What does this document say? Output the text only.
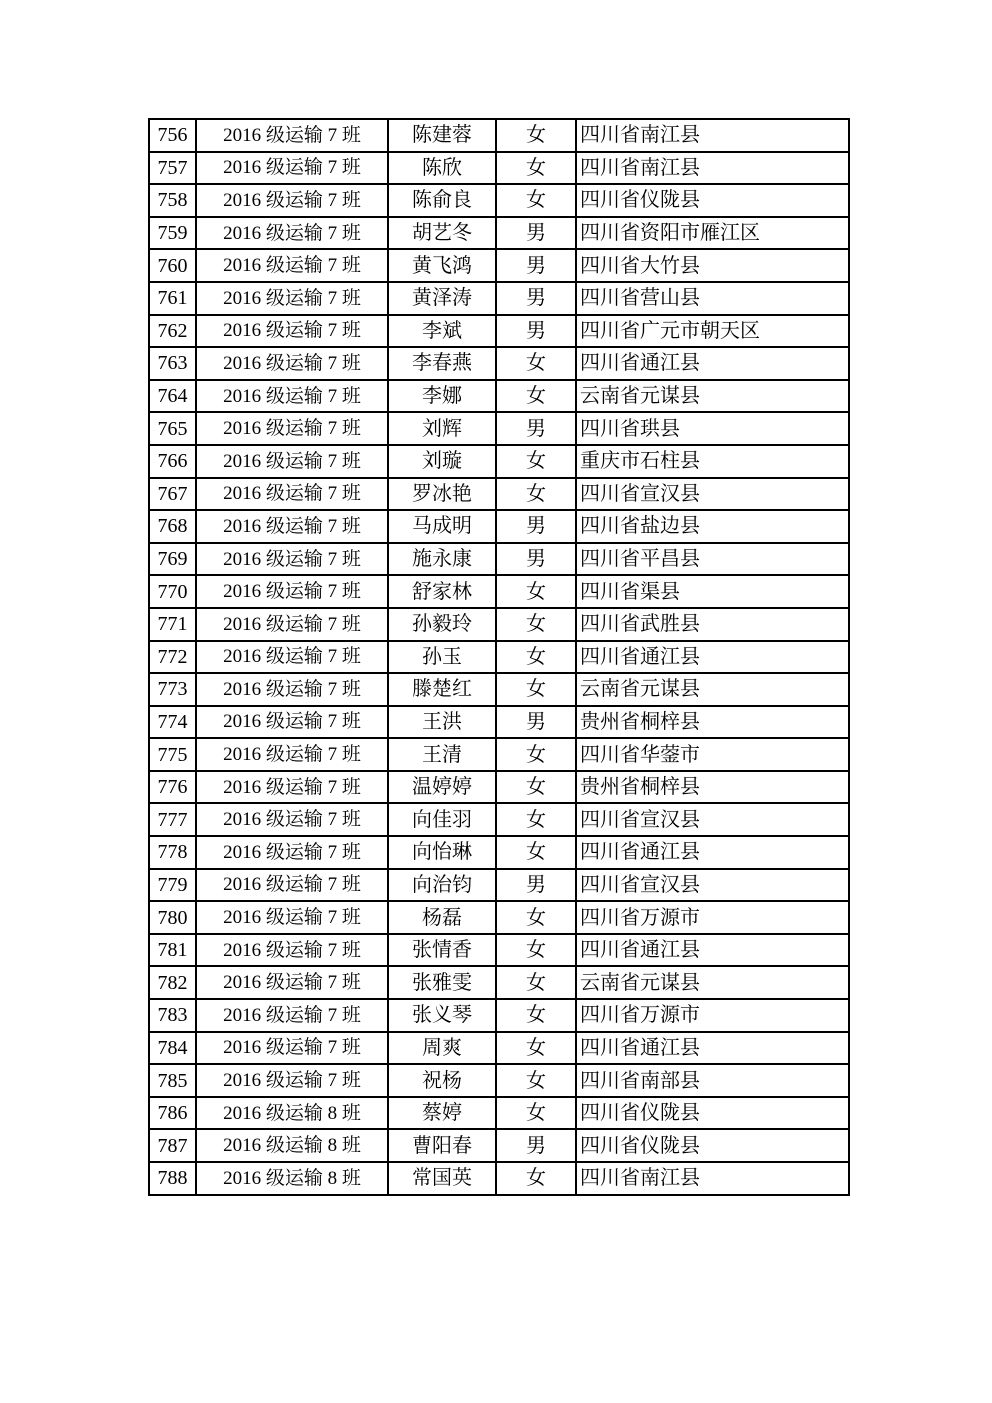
756	2016 级运输 7 班	陈建蓉	女	四川省南江县
757	2016 级运输 7 班	陈欣	女	四川省南江县
758	2016 级运输 7 班	陈俞良	女	四川省仪陇县
759	2016 级运输 7 班	胡艺冬	男	四川省资阳市雁江区
760	2016 级运输 7 班	黄飞鸿	男	四川省大竹县
761	2016 级运输 7 班	黄泽涛	男	四川省营山县
762	2016 级运输 7 班	李斌	男	四川省广元市朝天区
763	2016 级运输 7 班	李春燕	女	四川省通江县
764	2016 级运输 7 班	李娜	女	云南省元谋县
765	2016 级运输 7 班	刘辉	男	四川省珙县
766	2016 级运输 7 班	刘璇	女	重庆市石柱县
767	2016 级运输 7 班	罗冰艳	女	四川省宣汉县
768	2016 级运输 7 班	马成明	男	四川省盐边县
769	2016 级运输 7 班	施永康	男	四川省平昌县
770	2016 级运输 7 班	舒家林	女	四川省渠县
771	2016 级运输 7 班	孙毅玲	女	四川省武胜县
772	2016 级运输 7 班	孙玉	女	四川省通江县
773	2016 级运输 7 班	滕楚红	女	云南省元谋县
774	2016 级运输 7 班	王洪	男	贵州省桐梓县
775	2016 级运输 7 班	王清	女	四川省华蓥市
776	2016 级运输 7 班	温婷婷	女	贵州省桐梓县
777	2016 级运输 7 班	向佳羽	女	四川省宣汉县
778	2016 级运输 7 班	向怡琳	女	四川省通江县
779	2016 级运输 7 班	向治钧	男	四川省宣汉县
780	2016 级运输 7 班	杨磊	女	四川省万源市
781	2016 级运输 7 班	张情香	女	四川省通江县
782	2016 级运输 7 班	张雅雯	女	云南省元谋县
783	2016 级运输 7 班	张义琴	女	四川省万源市
784	2016 级运输 7 班	周爽	女	四川省通江县
785	2016 级运输 7 班	祝杨	女	四川省南部县
786	2016 级运输 8 班	蔡婷	女	四川省仪陇县
787	2016 级运输 8 班	曹阳春	男	四川省仪陇县
788	2016 级运输 8 班	常国英	女	四川省南江县
